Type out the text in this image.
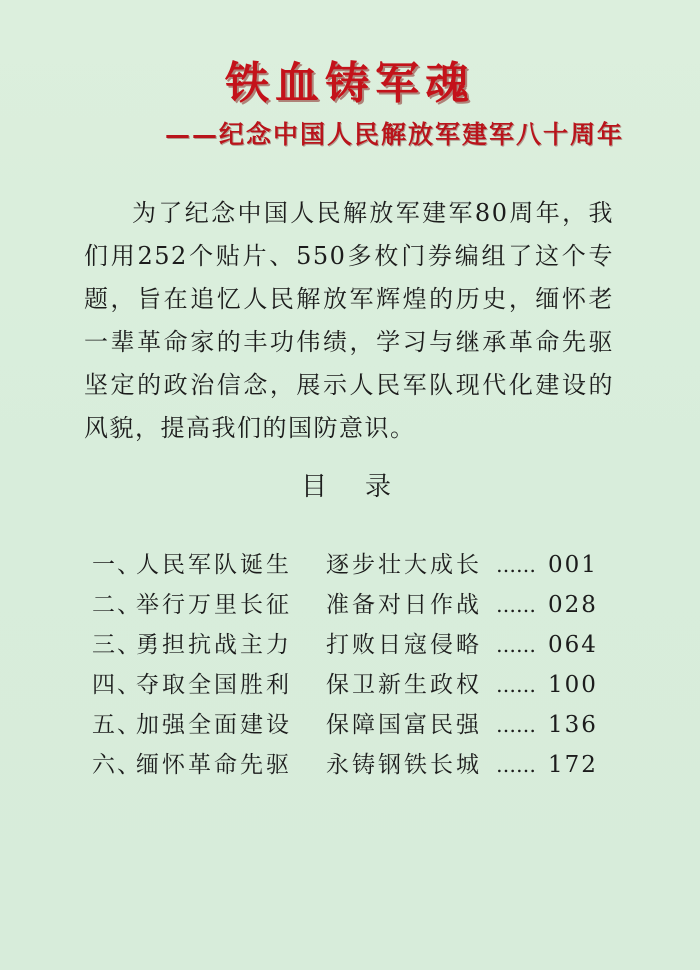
铁血铸军魂
——纪念中国人民解放军建军八十周年

为了纪念中国人民解放军建军80周年，我们用252个贴片、550多枚门券编组了这个专题，旨在追忆人民解放军辉煌的历史，缅怀老一辈革命家的丰功伟绩，学习与继承革命先驱坚定的政治信念，展示人民军队现代化建设的风貌，提高我们的国防意识。

目录
一、人民军队诞生 逐步壮大成长 …… 001
二、举行万里长征 准备对日作战 …… 028
三、勇担抗战主力 打败日寇侵略 …… 064
四、夺取全国胜利 保卫新生政权 …… 100
五、加强全面建设 保障国富民强 …… 136
六、缅怀革命先驱 永铸钢铁长城 …… 172
